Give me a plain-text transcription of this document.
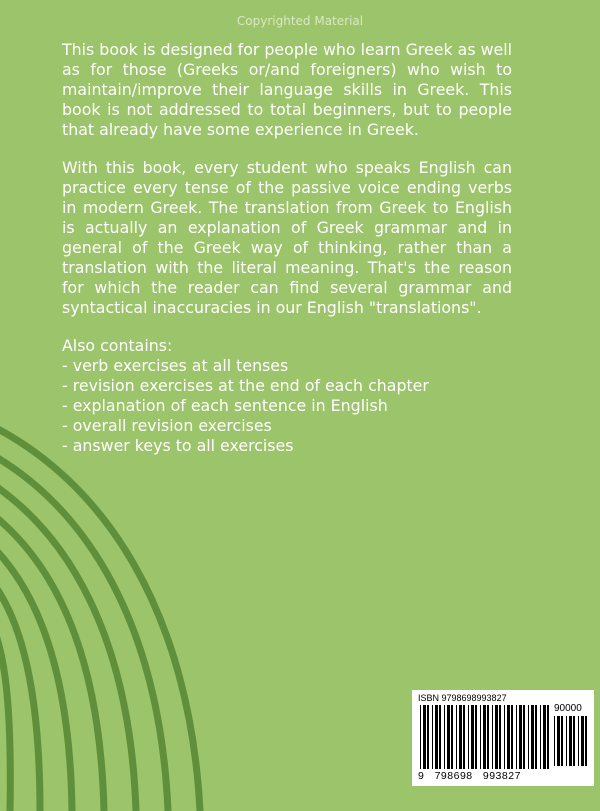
Copyrighted Material

This book is designed for people who learn Greek as well as for those (Greeks or/and foreigners) who wish to maintain/improve their language skills in Greek. This book is not addressed to total beginners, but to people that already have some experience in Greek.

With this book, every student who speaks English can practice every tense of the passive voice ending verbs in modern Greek. The translation from Greek to English is actually an explanation of Greek grammar and in general of the Greek way of thinking, rather than a translation with the literal meaning. That's the reason for which the reader can find several grammar and syntactical inaccuracies in our English "translations".

Also contains:
- verb exercises at all tenses
- revision exercises at the end of each chapter
- explanation of each sentence in English
- overall revision exercises
- answer keys to all exercises
ISBN 9798698993827
90000
9   798698   993827
